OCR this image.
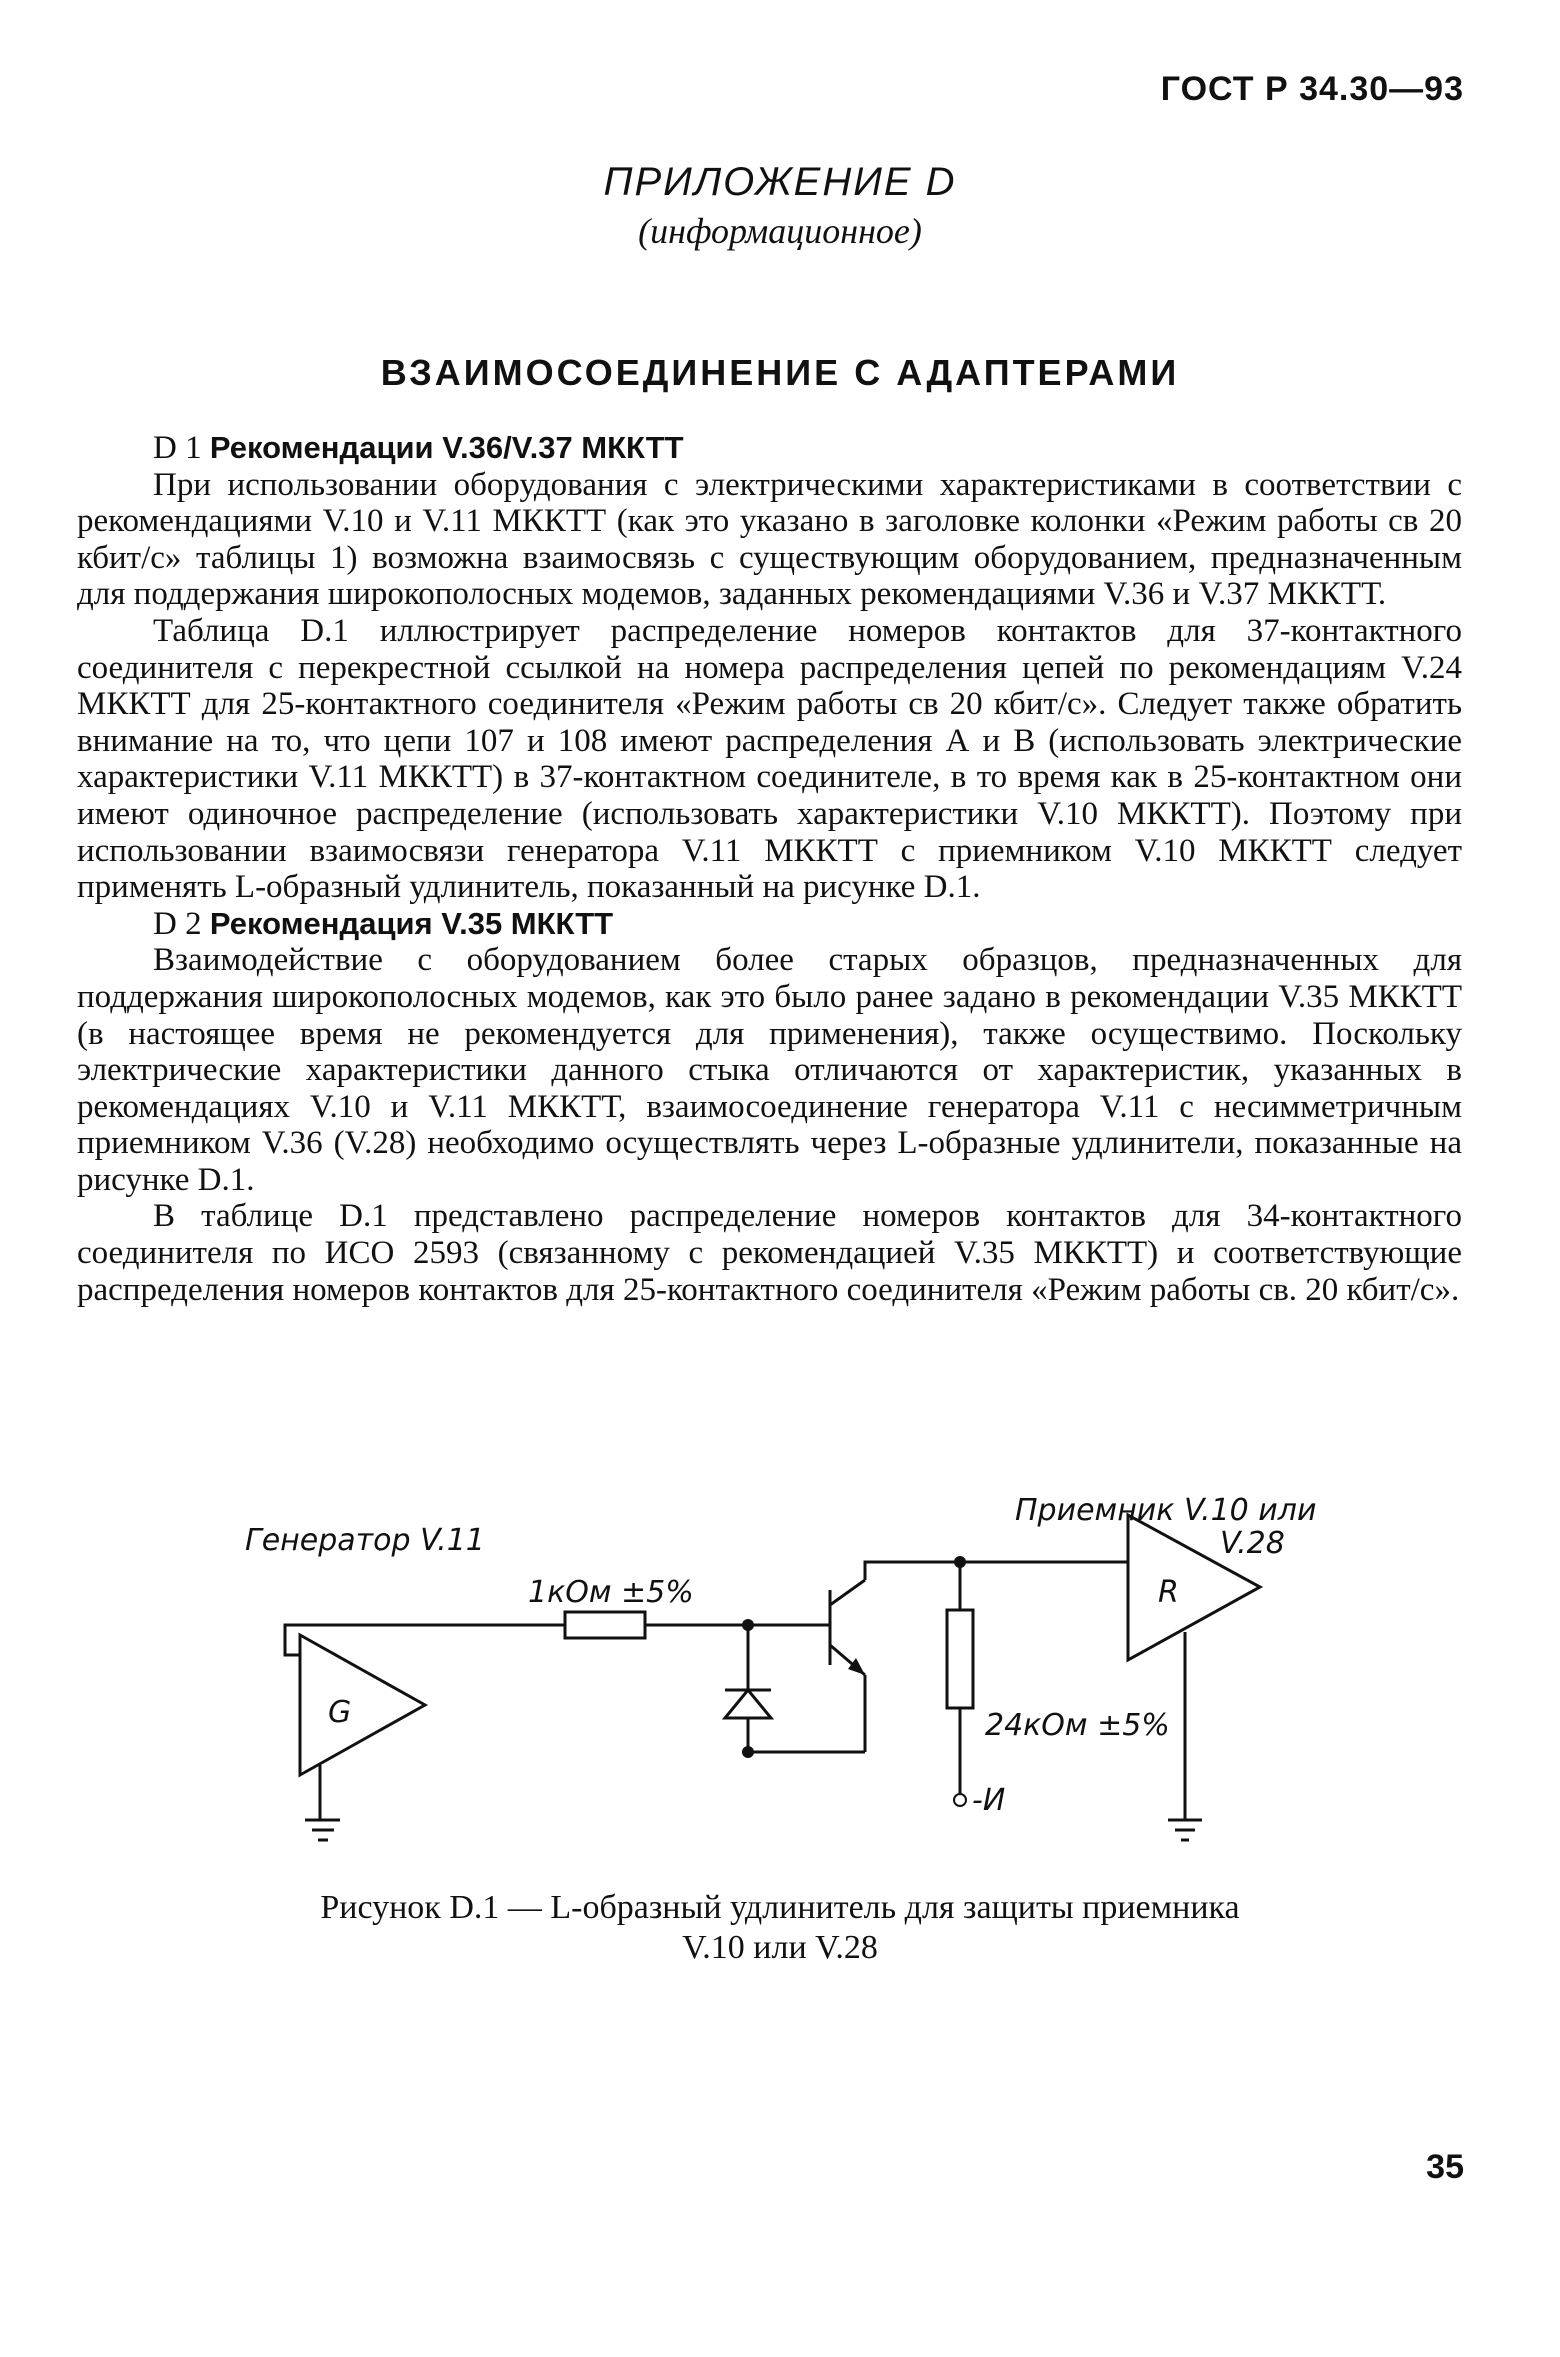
ГОСТ Р 34.30—93
ПРИЛОЖЕНИЕ D
(информационное)
ВЗАИМОСОЕДИНЕНИЕ С АДАПТЕРАМИ
D 1 Рекомендации V.36/V.37 МККТТ

При использовании оборудования с электрическими характеристиками в соответствии с рекомендациями V.10 и V.11 МККТТ (как это указано в заголовке колонки «Режим работы св 20 кбит/с» таблицы 1) возможна взаимосвязь с существующим оборудованием, предназначенным для поддержания широкополосных модемов, заданных рекомендациями V.36 и V.37 МККТТ.

Таблица D.1 иллюстрирует распределение номеров контактов для 37-контактного соединителя с перекрестной ссылкой на номера распределения цепей по рекомендациям V.24 МККТТ для 25-контактного соединителя «Режим работы св 20 кбит/с». Следует также обратить внимание на то, что цепи 107 и 108 имеют распределения А и В (использовать электрические характеристики V.11 МККТТ) в 37-контактном соединителе, в то время как в 25-контактном они имеют одиночное распределение (использовать характеристики V.10 МККТТ). Поэтому при использовании взаимосвязи генератора V.11 МККТТ с приемником V.10 МККТТ следует применять L-образный удлинитель, показанный на рисунке D.1.

D 2 Рекомендация V.35 МККТТ

Взаимодействие с оборудованием более старых образцов, предназначенных для поддержания широкополосных модемов, как это было ранее задано в рекомендации V.35 МККТТ (в настоящее время не рекомендуется для применения), также осуществимо. Поскольку электрические характеристики данного стыка отличаются от характеристик, указанных в рекомендациях V.10 и V.11 МККТТ, взаимосоединение генератора V.11 с несимметричным приемником V.36 (V.28) необходимо осуществлять через L-образные удлинители, показанные на рисунке D.1.

В таблице D.1 представлено распределение номеров контактов для 34-контактного соединителя по ИСО 2593 (связанному с рекомендацией V.35 МККТТ) и соответствующие распределения номеров контактов для 25-контактного соединителя «Режим работы св. 20 кбит/с».

Генератор V.11
Приемник V.10 или
V.28
1кОм ±5%
24кОм ±5%
G
R
-И
Рисунок D.1 — L-образный удлинитель для защиты приемника
V.10 или V.28
35
